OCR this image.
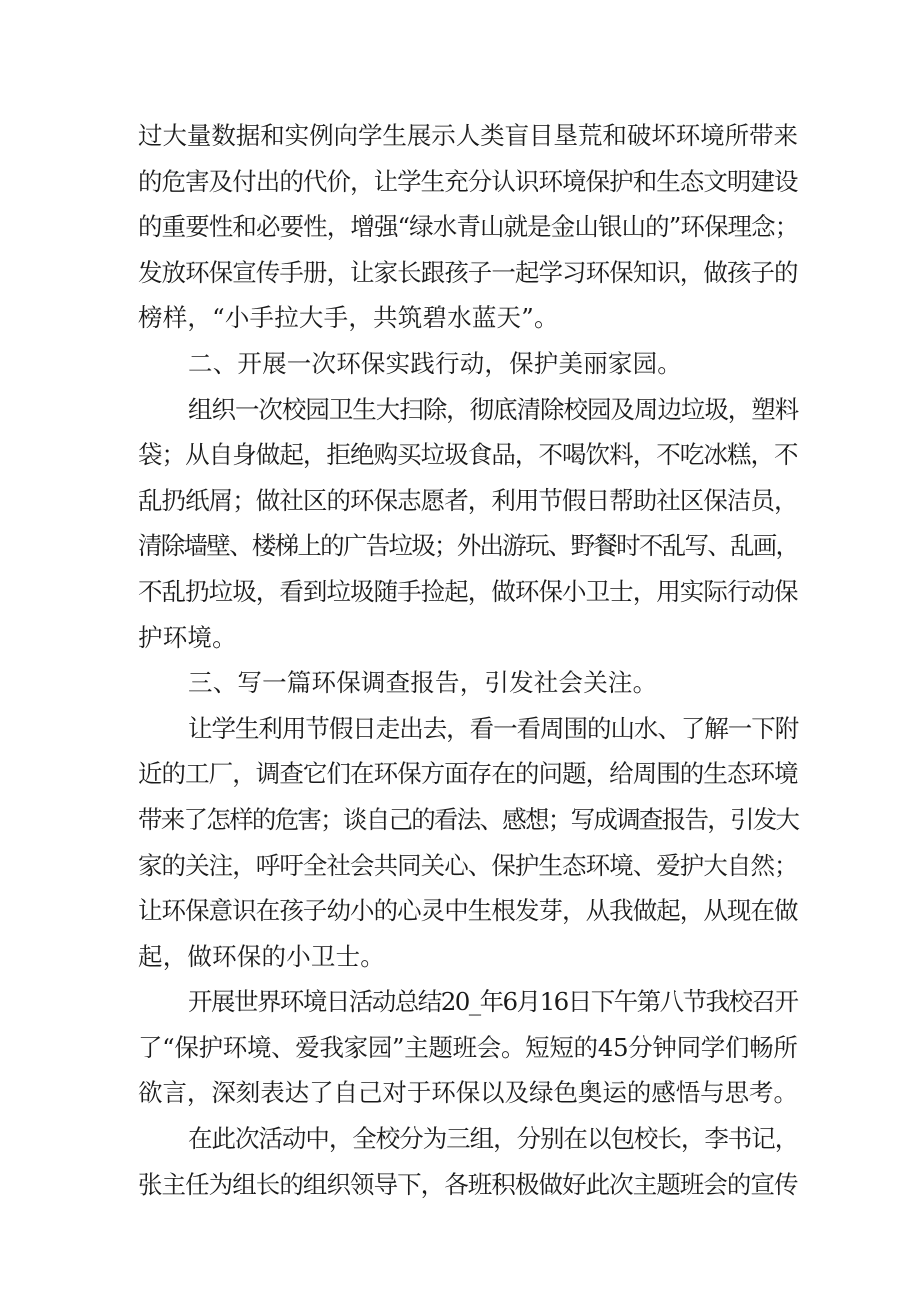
过大量数据和实例向学生展示人类盲目垦荒和破坏环境所带来
的危害及付出的代价，让学生充分认识环境保护和生态文明建设
的重要性和必要性，增强“绿水青山就是金山银山的”环保理念；
发放环保宣传手册，让家长跟孩子一起学习环保知识，做孩子的
榜样，“小手拉大手，共筑碧水蓝天”。
二、开展一次环保实践行动，保护美丽家园。
组织一次校园卫生大扫除，彻底清除校园及周边垃圾，塑料
袋；从自身做起，拒绝购买垃圾食品，不喝饮料，不吃冰糕，不
乱扔纸屑；做社区的环保志愿者，利用节假日帮助社区保洁员，
清除墙壁、楼梯上的广告垃圾；外出游玩、野餐时不乱写、乱画，
不乱扔垃圾，看到垃圾随手捡起，做环保小卫士，用实际行动保
护环境。
三、写一篇环保调查报告，引发社会关注。
让学生利用节假日走出去，看一看周围的山水、了解一下附
近的工厂，调查它们在环保方面存在的问题，给周围的生态环境
带来了怎样的危害；谈自己的看法、感想；写成调查报告，引发大
家的关注，呼吁全社会共同关心、保护生态环境、爱护大自然；
让环保意识在孩子幼小的心灵中生根发芽，从我做起，从现在做
起，做环保的小卫士。
开展世界环境日活动总结20_年6月16日下午第八节我校召开
了“保护环境、爱我家园”主题班会。短短的45分钟同学们畅所
欲言，深刻表达了自己对于环保以及绿色奥运的感悟与思考。
在此次活动中，全校分为三组，分别在以包校长，李书记，
张主任为组长的组织领导下，各班积极做好此次主题班会的宣传
